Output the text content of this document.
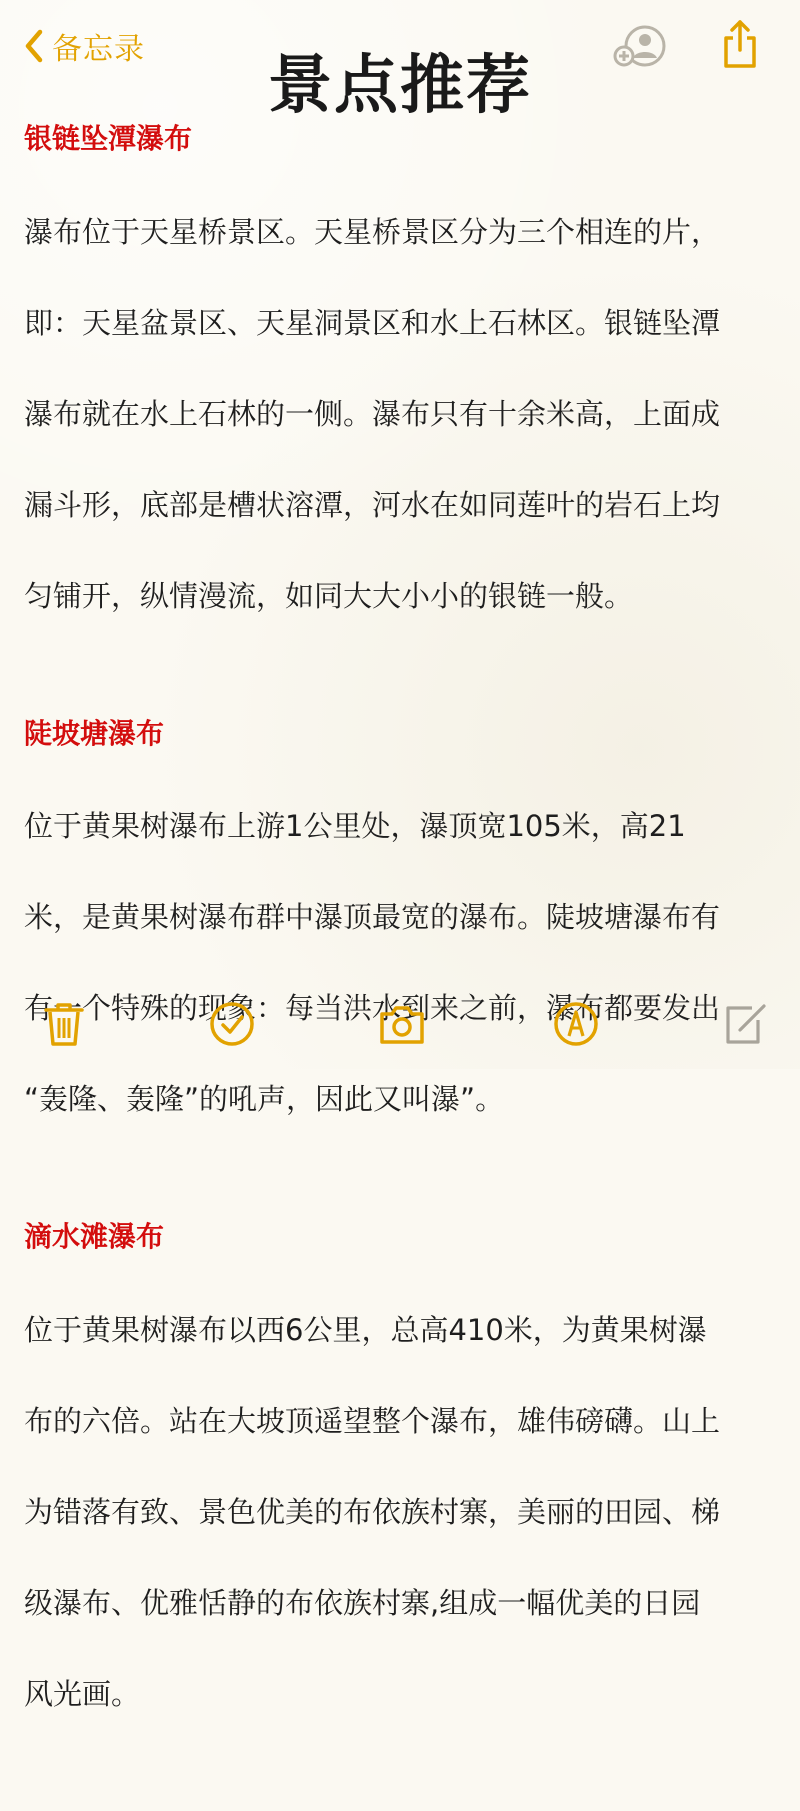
备忘录	景点推荐
银链坠潭瀑布

瀑布位于天星桥景区。天星桥景区分为三个相连的片，

即：天星盆景区、天星洞景区和水上石林区。银链坠潭

瀑布就在水上石林的一侧。瀑布只有十余米高，上面成

漏斗形，底部是槽状溶潭，河水在如同莲叶的岩石上均

匀铺开，纵情漫流，如同大大小小的银链一般。

陡坡塘瀑布

位于黄果树瀑布上游1公里处，瀑顶宽105米，高21

米，是黄果树瀑布群中瀑顶最宽的瀑布。陡坡塘瀑布有

有一个特殊的现象：每当洪水到来之前，瀑布都要发出

“轰隆、轰隆”的吼声，因此又叫瀑”。

滴水滩瀑布

位于黄果树瀑布以西6公里，总高410米，为黄果树瀑

布的六倍。站在大坡顶遥望整个瀑布，雄伟磅礴。山上

为错落有致、景色优美的布依族村寨，美丽的田园、梯

级瀑布、优雅恬静的布依族村寨,组成一幅优美的日园

风光画。
